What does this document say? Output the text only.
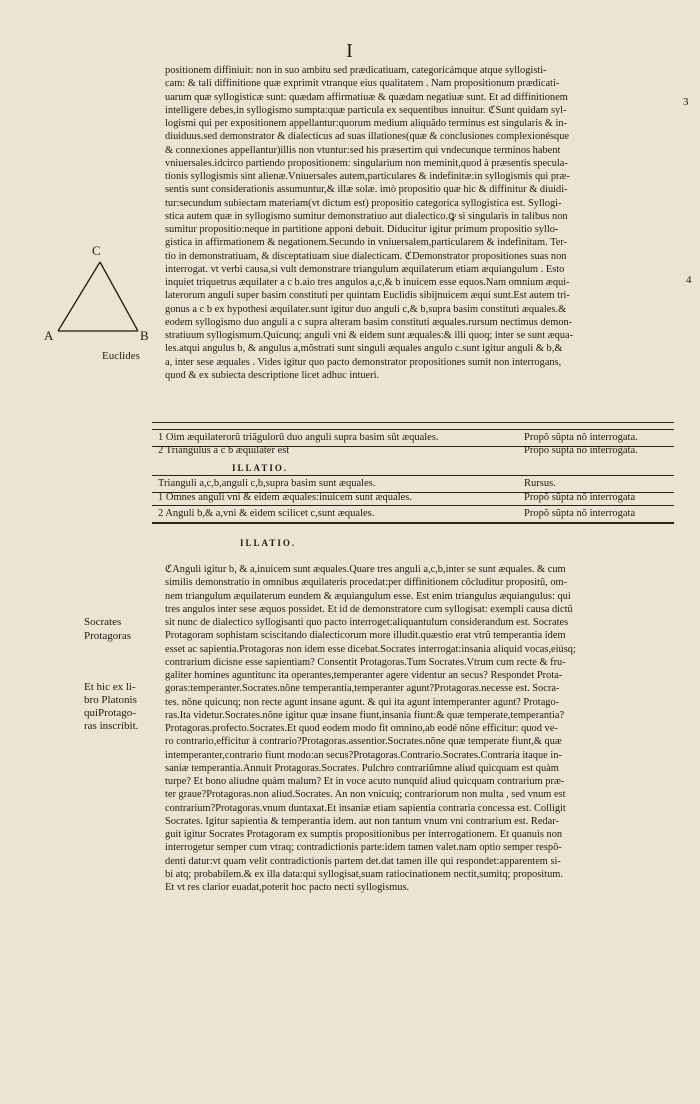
I
3
4
C
A	B
Euclides
positionem diffiniuit: non in suo ambitu sed prædicatiuam, categoricámque atque syllogisti-
cam: & tali diffinitione quæ exprimit vtranque eius qualitatem . Nam propositionum prædicati-
uarum quæ syllogisticæ sunt: quædam affirmatiuæ & quædam negatiuæ sunt. Et ad diffinitionem
intelligere debes,in syllogismo sumpta:quæ particula ex sequentibus innuitur. ℭSunt quidam syl-
logismi qui per expositionem appellantur:quorum medium aliquãdo terminus est singularis & in-
diuiduus.sed demonstrator & dialecticus ad suas illationes(quæ & conclusiones complexionésque
& connexiones appellantur)illis non vtuntur:sed his præsertim qui vndecunque terminos habent
vniuersales.idcirco partiendo propositionem: singularium non meminit,quod à præsentis specula-
tionis syllogismis sint alienæ.Vniuersales autem,particulares & indefinitæ:in syllogismis qui præ-
sentis sunt considerationis assumuntur,& illæ solæ. imò propositio quæ hic & diffinitur & diuidi-
tur:secundum subiectam materiam(vt dictum est) propositio categorica syllogistica est. Syllogi-
stica autem quæ in syllogismo sumitur demonstratiuo aut dialectico.ꝙ si singularis in talibus non
sumitur propositio:neque in partitione apponi debuit. Diducitur igitur primum propositio syllo-
gistica in affirmationem & negationem.Secundo in vniuersalem,particularem & indefinitam. Ter-
tio in demonstratiuam, & disceptatiuam siue dialecticam. ℭDemonstrator propositiones suas non
interrogat. vt verbi causa,si vult demonstrare triangulum æquilaterum etiam æquiangulum . Esto
inquiet triquetrus æquilater a c b.aio tres angulos a,c,& b inuicem esse equos.Nam omnium æqui-
laterorum anguli super basim constituti per quintam Euclidis sibijnuicem æqui sunt.Est autem tri-
gonus a c b ex hypothesi æquilater.sunt igitur duo anguli c,& b,supra basim constituti æquales.&
eodem syllogismo duo anguli a c supra alteram basim constituti æquales.rursum nectimus demon-
stratiuum syllogismum.Quicunq; anguli vni & eidem sunt æquales:& illi quoq; inter se sunt æqua-
les.atqui angulus b, & angulus a,mõstrati sunt singuli æquales angulo c.sunt igitur anguli & b,&
a, inter sese æquales . Vides igitur quo pacto demonstrator propositiones sumit non interrogans,
quod & ex subiecta descriptione licet adhuc intueri.
1 Oim æquilaterorũ triãgulorũ duo anguli supra basim sũt æquales.	Propõ sũpta nõ interrogata.
2 Triangulus a c b æquilater est	Propõ sũpta nõ interrogata.
ILLATIO.
Trianguli a,c,b,anguli c,b,supra basim sunt æquales.	Rursus.
1 Omnes anguli vni & eidem æquales:inuicem sunt æquales.	Propõ sũpta nõ interrogata
2 Anguli b,& a,vni & eidem scilicet c,sunt æquales.	Propõ sũpta nõ interrogata
ILLATIO.
Socrates
Protagoras
Et hic ex li-
bro Platonis
quiProtago-
ras inscribit.
ℭAnguli igitur b, & a,inuicem sunt æquales.Quare tres anguli a,c,b,inter se sunt æquales. & cum
similis demonstratio in omnibus æquilateris procedat:per diffinitionem cõcluditur propositũ, om-
nem triangulum æquilaterum eundem & æquiangulum esse. Est enim triangulus æquiangulus: qui
tres angulos inter sese æquos possidet. Et id de demonstratore cum syllogisat: exempli causa dictũ
sit nunc de dialectico syllogisanti quo pacto interroget:aliquantulum considerandum est. Socrates
Protagoram sophistam sciscitando dialecticorum more illudit.quæstio erat vtrũ temperantia idem
esset ac sapientia.Protagoras non idem esse dicebat.Socrates interrogat:insania aliquid vocas,eiúsq;
contrarium dicisne esse sapientiam? Consentit Protagoras.Tum Socrates.Vtrum cum recte & fru-
galiter homines aguntitunc ita operantes,temperanter agere videntur an secus? Respondet Prota-
goras:temperanter.Socrates.nõne temperantia,temperanter agunt?Protagoras.necesse est. Socra-
tes. nõne quicunq; non recte agunt insane agunt. & qui ita agunt intemperanter agunt? Protago-
ras.Ita videtur.Socrates.nõne igitur quæ insane fiunt,insania fiunt:& quæ temperate,temperantia?
Protagoras.profecto.Socrates.Et quod eodem modo fit omnino,ab eodé nõne efficitur: quod ve-
ro contrario,efficitur à contrario?Protagoras.assentior.Socrates.nõne quæ temperate fiunt,& quæ
intemperanter,contrario fiunt modo:an secus?Protagoras.Contrario.Socrates.Contraria itaque in-
saniæ temperantia.Annuit Protagoras.Socrates. Pulchro contrariũmne aliud quicquam est quàm
turpe? Et bono aliudne quàm malum? Et in voce acuto nunquid aliud quicquam contrarium præ-
ter graue?Protagoras.non aliud.Socrates. An non vnicuiq; contrariorum non multa , sed vnum est
contrarium?Protagoras.vnum duntaxat.Et insaniæ etiam sapientia contraria concessa est. Colligit
Socrates. Igitur sapientia & temperantia idem. aut non tantum vnum vni contrarium est. Redar-
guit igitur Socrates Protagoram ex sumptis propositionibus per interrogationem. Et quanuis non
interrogetur semper cum vtraq; contradictionis parte:idem tamen valet.nam optio semper respõ-
denti datur:vt quam velit contradictionis partem det.dat tamen ille qui respondet:apparentem si-
bi atq; probabilem.& ex illa data:qui syllogisat,suam ratiocinationem nectit,sumitq; propositum.
Et vt res clarior euadat,poterit hoc pacto necti syllogismus.
